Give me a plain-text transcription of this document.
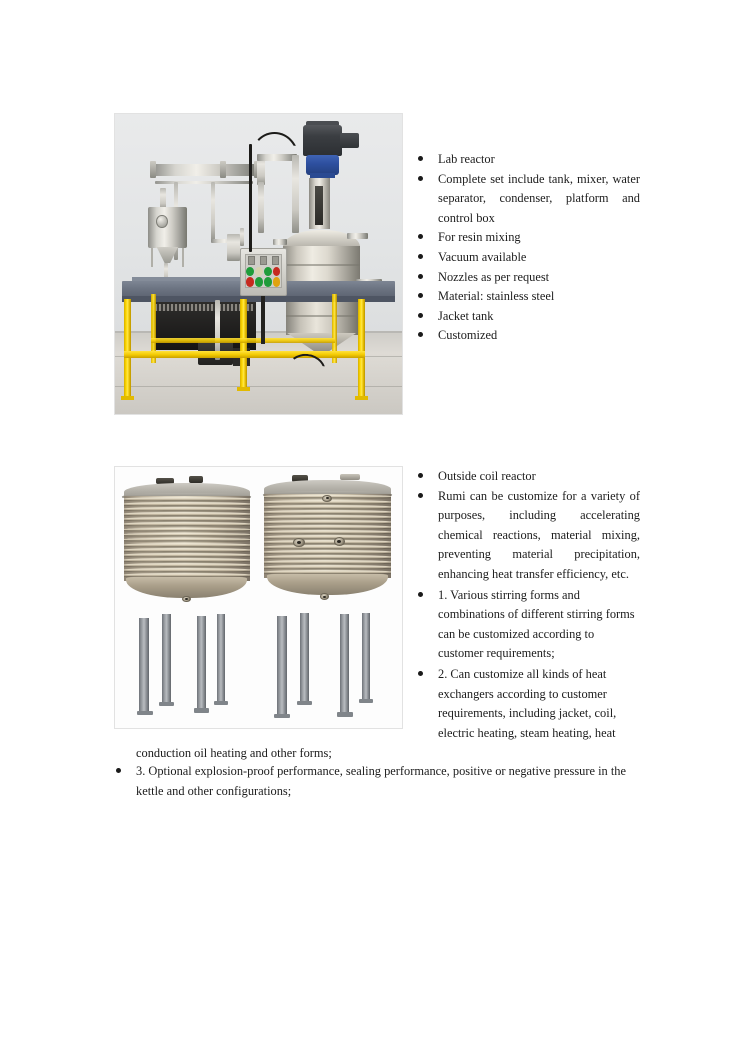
Lab reactor
Complete set include tank, mixer, water separator, condenser, platform and control box
For resin mixing
Vacuum available
Nozzles as per request
Material: stainless steel
Jacket tank
Customized
Outside coil reactor
Rumi can be customize for a variety of purposes, including accelerating chemical reactions, material mixing, preventing material precipitation, enhancing heat transfer efficiency, etc.
1. Various stirring forms and combinations of different stirring forms can be customized according to customer requirements;
2. Can customize all kinds of heat exchangers according to customer requirements, including jacket, coil, electric heating, steam heating, heat
conduction oil heating and other forms;
3. Optional explosion-proof performance, sealing performance, positive or negative pressure in the kettle and other configurations;
